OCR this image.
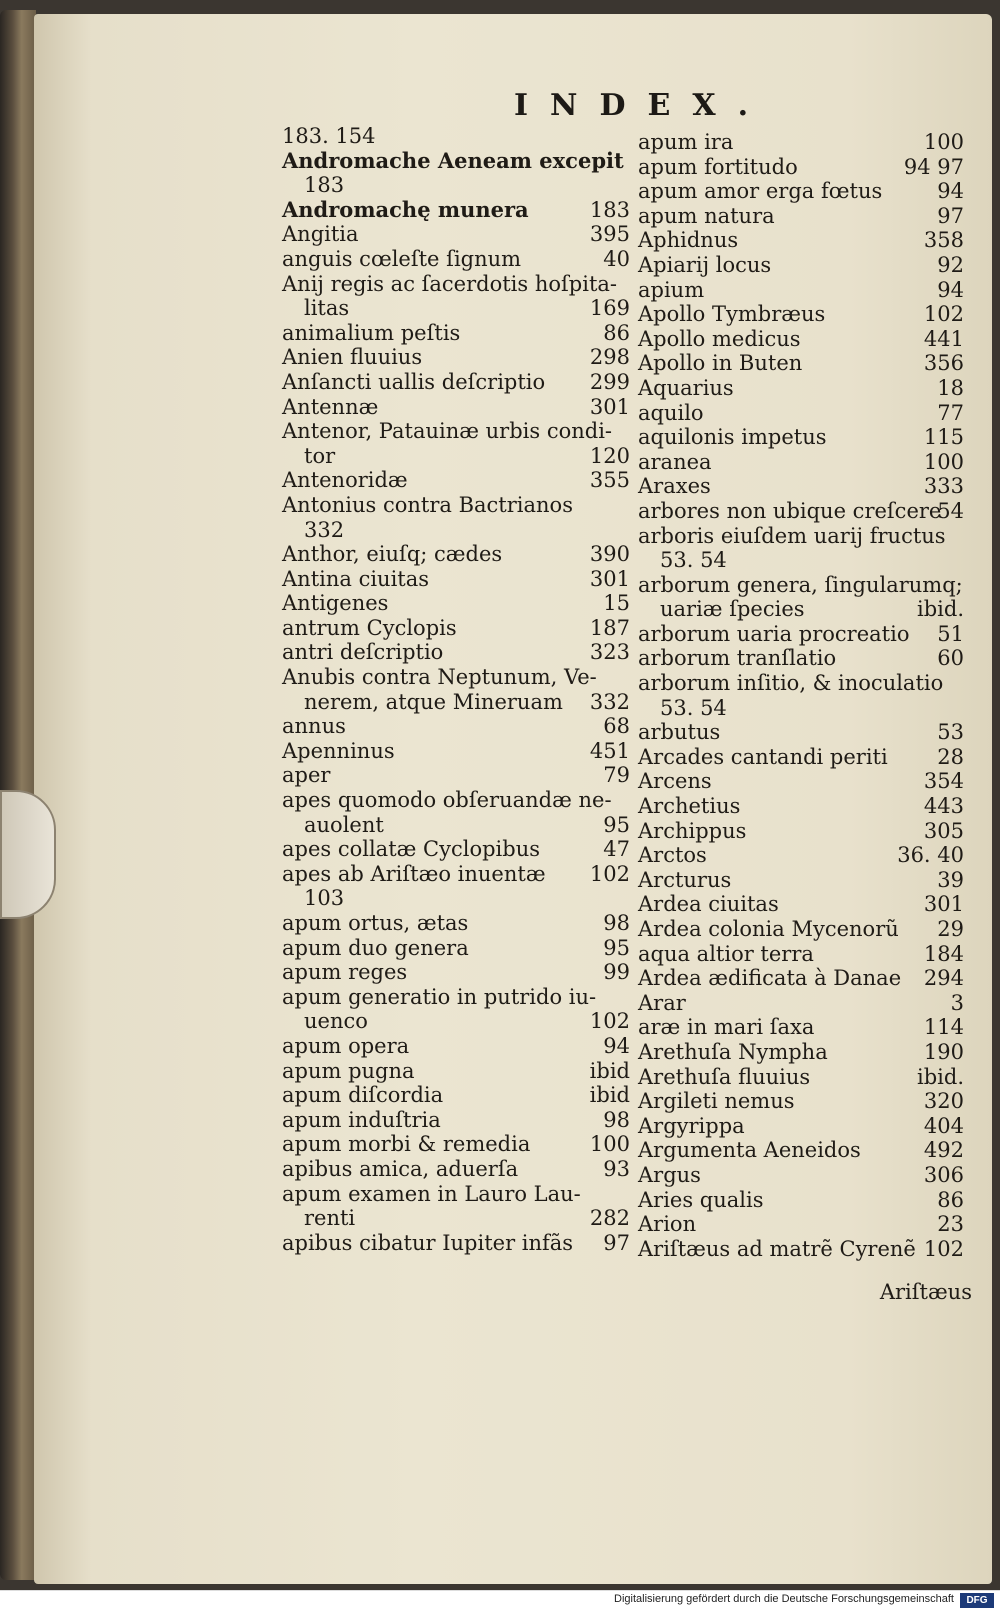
INDEX.
183. 154
Andromache Aeneam excepit
183
Andromachę munera	183
Angitia	395
anguis cœleſte ſignum	40
Anij regis ac ſacerdotis hoſpita-
litas	169
animalium peſtis	86
Anien fluuius	298
Anſancti uallis deſcriptio 299
Antennæ	301
Antenor, Patauinæ urbis condi-
tor	120
Antenoridæ	355
Antonius contra Bactrianos
332
Anthor, eiuſq; cædes	390
Antina ciuitas	301
Antigenes	15
antrum Cyclopis	187
antri deſcriptio	323
Anubis contra Neptunum, Ve-
nerem, atque Mineruam 332
annus	68
Apenninus	451
aper	79
apes quomodo obſeruandæ ne-
auolent	95
apes collatæ Cyclopibus	47
apes ab Ariſtæo inuentæ 102
103
apum ortus, ætas	98
apum duo genera	95
apum reges	99
apum generatio in putrido iu-
uenco	102
apum opera	94
apum pugna	ibid
apum diſcordia	ibid
apum induſtria	98
apum morbi & remedia	100
apibus amica, aduerſa	93
apum examen in Lauro Lau-
renti	282
apibus cibatur Iupiter infãs 97
apum ira	100
apum fortitudo	94 97
apum amor erga fœtus	94
apum natura	97
Aphidnus	358
Apiarij locus	92
apium	94
Apollo Tymbræus	102
Apollo medicus	441
Apollo in Buten	356
Aquarius	18
aquilo	77
aquilonis impetus	115
aranea	100
Araxes	333
arbores non ubique creſcere
54
arboris eiuſdem uarij fructus
53. 54
arborum genera, ſingularumq;
uariæ ſpecies	ibid.
arborum uaria procreatio 51
arborum tranſlatio	60
arborum inſitio, & inoculatio
53. 54
arbutus	53
Arcades cantandi periti 28
Arcens	354
Archetius	443
Archippus	305
Arctos	36. 40
Arcturus	39
Ardea ciuitas	301
Ardea colonia Mycenorũ 29
aqua altior terra	184
Ardea ædificata à Danae 294
Arar	3
aræ in mari ſaxa	114
Arethuſa Nympha	190
Arethuſa fluuius	ibid.
Argileti nemus	320
Argyrippa	404
Argumenta Aeneidos	492
Argus	306
Aries qualis	86
Arion	23
Ariſtæus ad matrẽ Cyrenẽ 102
Ariſtæus
Digitalisierung gefördert durch die Deutsche Forschungsgemeinschaft	DFG
